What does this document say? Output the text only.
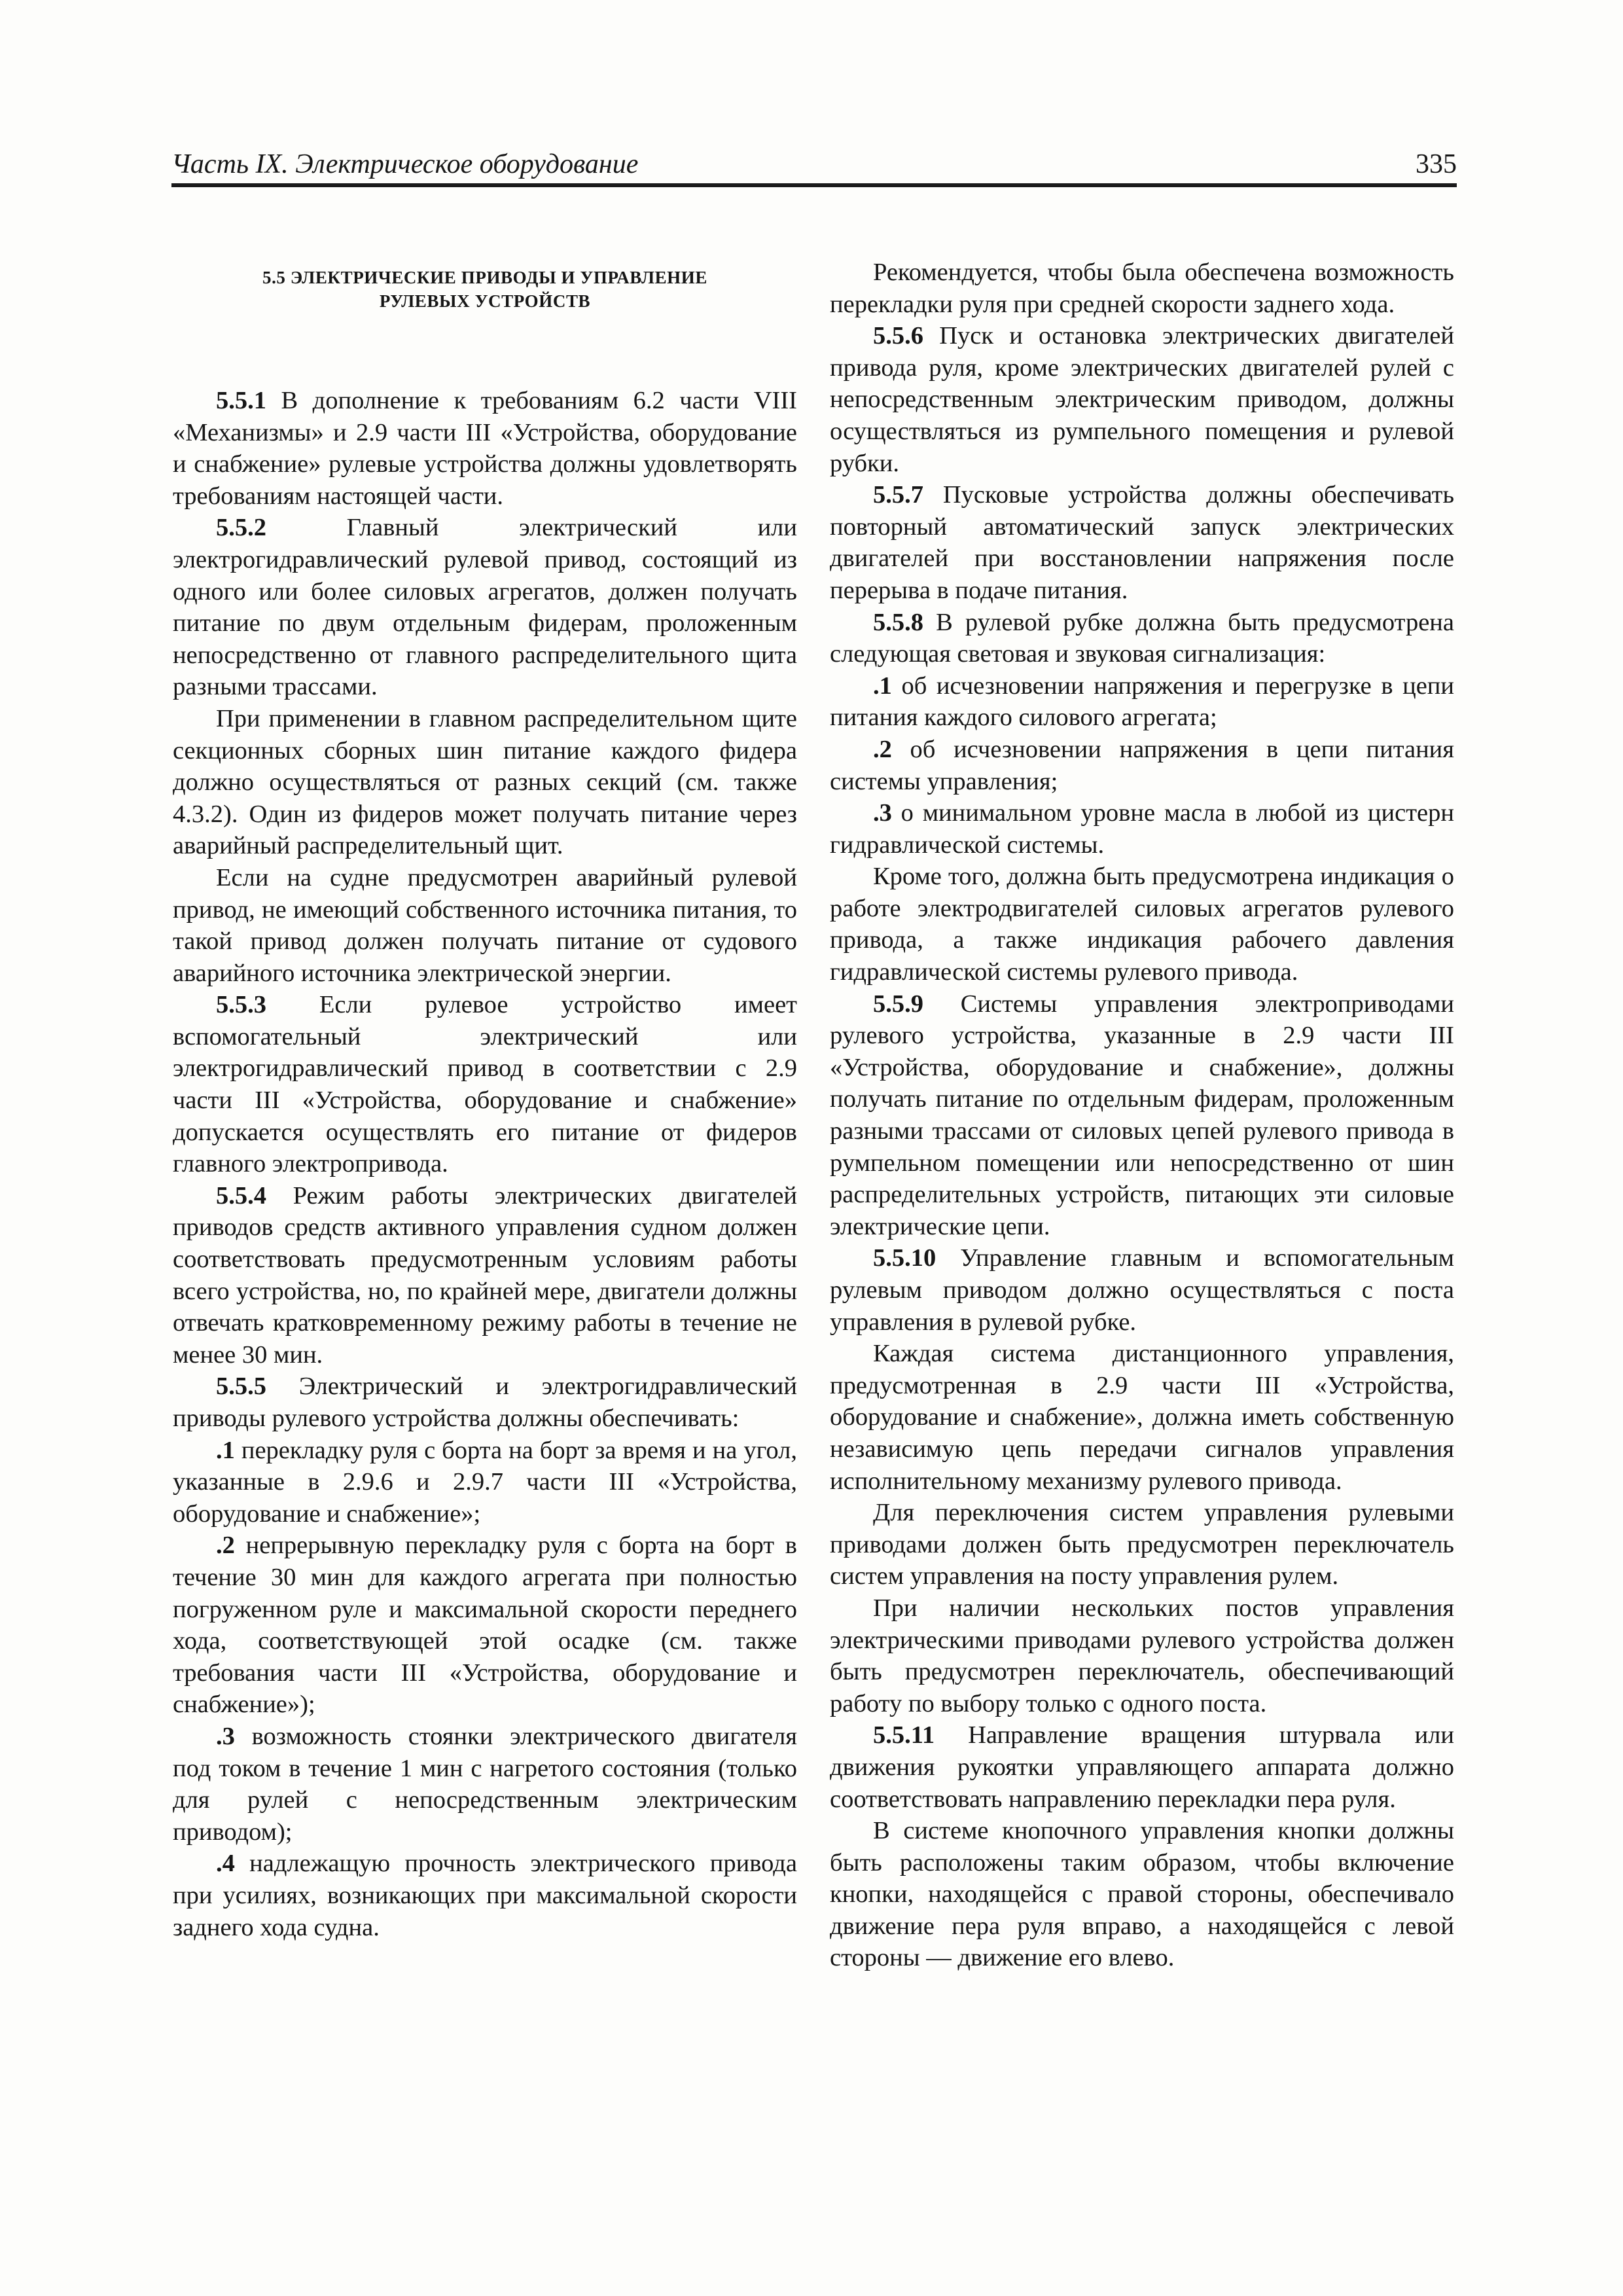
Часть IX. Электрическое оборудование	335

5.5 ЭЛЕКТРИЧЕСКИЕ ПРИВОДЫ И УПРАВЛЕНИЕ
РУЛЕВЫХ УСТРОЙСТВ

5.5.1 В дополнение к требованиям 6.2 части VIII «Механизмы» и 2.9 части III «Устройства, оборудование и снабжение» рулевые устройства должны удовлетворять требованиям настоящей части.

5.5.2 Главный электрический или электрогидравлический рулевой привод, состоящий из одного или более силовых агрегатов, должен получать питание по двум отдельным фидерам, проложенным непосредственно от главного распределительного щита разными трассами.

При применении в главном распределительном щите секционных сборных шин питание каждого фидера должно осуществляться от разных секций (см. также 4.3.2). Один из фидеров может получать питание через аварийный распределительный щит.

Если на судне предусмотрен аварийный рулевой привод, не имеющий собственного источника питания, то такой привод должен получать питание от судового аварийного источника электрической энергии.

5.5.3 Если рулевое устройство имеет вспомогательный электрический или электрогидравлический привод в соответствии с 2.9 части III «Устройства, оборудование и снабжение» допускается осуществлять его питание от фидеров главного электропривода.

5.5.4 Режим работы электрических двигателей приводов средств активного управления судном должен соответствовать предусмотренным условиям работы всего устройства, но, по крайней мере, двигатели должны отвечать кратковременному режиму работы в течение не менее 30 мин.

5.5.5 Электрический и электрогидравлический приводы рулевого устройства должны обеспечивать:

.1 перекладку руля с борта на борт за время и на угол, указанные в 2.9.6 и 2.9.7 части III «Устройства, оборудование и снабжение»;

.2 непрерывную перекладку руля с борта на борт в течение 30 мин для каждого агрегата при полностью погруженном руле и максимальной скорости переднего хода, соответствующей этой осадке (см. также требования части III «Устройства, оборудование и снабжение»);

.3 возможность стоянки электрического двигателя под током в течение 1 мин с нагретого состояния (только для рулей с непосредственным электрическим приводом);

.4 надлежащую прочность электрического привода при усилиях, возникающих при максимальной скорости заднего хода судна.

Рекомендуется, чтобы была обеспечена возможность перекладки руля при средней скорости заднего хода.

5.5.6 Пуск и остановка электрических двигателей привода руля, кроме электрических двигателей рулей с непосредственным электрическим приводом, должны осуществляться из румпельного помещения и рулевой рубки.

5.5.7 Пусковые устройства должны обеспечивать повторный автоматический запуск электрических двигателей при восстановлении напряжения после перерыва в подаче питания.

5.5.8 В рулевой рубке должна быть предусмотрена следующая световая и звуковая сигнализация:

.1 об исчезновении напряжения и перегрузке в цепи питания каждого силового агрегата;

.2 об исчезновении напряжения в цепи питания системы управления;

.3 о минимальном уровне масла в любой из цистерн гидравлической системы.

Кроме того, должна быть предусмотрена индикация о работе электродвигателей силовых агрегатов рулевого привода, а также индикация рабочего давления гидравлической системы рулевого привода.

5.5.9 Системы управления электроприводами рулевого устройства, указанные в 2.9 части III «Устройства, оборудование и снабжение», должны получать питание по отдельным фидерам, проложенным разными трассами от силовых цепей рулевого привода в румпельном помещении или непосредственно от шин распределительных устройств, питающих эти силовые электрические цепи.

5.5.10 Управление главным и вспомогательным рулевым приводом должно осуществляться с поста управления в рулевой рубке.

Каждая система дистанционного управления, предусмотренная в 2.9 части III «Устройства, оборудование и снабжение», должна иметь собственную независимую цепь передачи сигналов управления исполнительному механизму рулевого привода.

Для переключения систем управления рулевыми приводами должен быть предусмотрен переключатель систем управления на посту управления рулем.

При наличии нескольких постов управления электрическими приводами рулевого устройства должен быть предусмотрен переключатель, обеспечивающий работу по выбору только с одного поста.

5.5.11 Направление вращения штурвала или движения рукоятки управляющего аппарата должно соответствовать направлению перекладки пера руля.

В системе кнопочного управления кнопки должны быть расположены таким образом, чтобы включение кнопки, находящейся с правой стороны, обеспечивало движение пера руля вправо, а находящейся с левой стороны — движение его влево.
